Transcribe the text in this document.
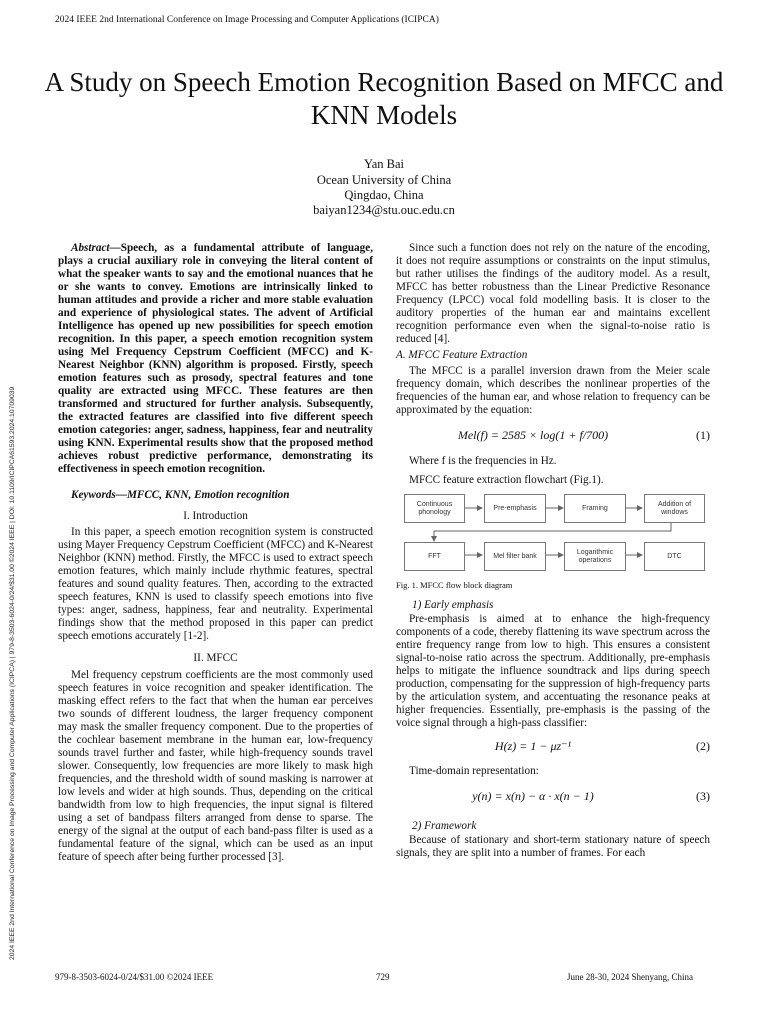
2024 IEEE 2nd International Conference on Image Processing and Computer Applications (ICIPCA)
A Study on Speech Emotion Recognition Based on MFCC and KNN Models
Yan Bai
Ocean University of China
Qingdao, China
baiyan1234@stu.ouc.edu.cn
2024 IEEE 2nd International Conference on Image Processing and Computer Applications (ICIPCA) | 979-8-3503-6024-0/24/$31.00 ©2024 IEEE | DOI: 10.1109/ICIPCA61593.2024.10709039

Abstract—Speech, as a fundamental attribute of language, plays a crucial auxiliary role in conveying the literal content of what the speaker wants to say and the emotional nuances that he or she wants to convey. Emotions are intrinsically linked to human attitudes and provide a richer and more stable evaluation and experience of physiological states. The advent of Artificial Intelligence has opened up new possibilities for speech emotion recognition. In this paper, a speech emotion recognition system using Mel Frequency Cepstrum Coefficient (MFCC) and K-Nearest Neighbor (KNN) algorithm is proposed. Firstly, speech emotion features such as prosody, spectral features and tone quality are extracted using MFCC. These features are then transformed and structured for further analysis. Subsequently, the extracted features are classified into five different speech emotion categories: anger, sadness, happiness, fear and neutrality using KNN. Experimental results show that the proposed method achieves robust predictive performance, demonstrating its effectiveness in speech emotion recognition.

Keywords—MFCC, KNN, Emotion recognition

I. Introduction

In this paper, a speech emotion recognition system is constructed using Mayer Frequency Cepstrum Coefficient (MFCC) and K-Nearest Neighbor (KNN) method. Firstly, the MFCC is used to extract speech emotion features, which mainly include rhythmic features, spectral features and sound quality features. Then, according to the extracted speech features, KNN is used to classify speech emotions into five types: anger, sadness, happiness, fear and neutrality. Experimental findings show that the method proposed in this paper can predict speech emotions accurately [1-2].

II. MFCC

Mel frequency cepstrum coefficients are the most commonly used speech features in voice recognition and speaker identification. The masking effect refers to the fact that when the human ear perceives two sounds of different loudness, the larger frequency component may mask the smaller frequency component. Due to the properties of the cochlear basement membrane in the human ear, low-frequency sounds travel further and faster, while high-frequency sounds travel slower. Consequently, low frequencies are more likely to mask high frequencies, and the threshold width of sound masking is narrower at low levels and wider at high sounds. Thus, depending on the critical bandwidth from low to high frequencies, the input signal is filtered using a set of bandpass filters arranged from dense to sparse. The energy of the signal at the output of each band-pass filter is used as a fundamental feature of the signal, which can be used as an input feature of speech after being further processed [3].

Since such a function does not rely on the nature of the encoding, it does not require assumptions or constraints on the input stimulus, but rather utilises the findings of the auditory model. As a result, MFCC has better robustness than the Linear Predictive Resonance Frequency (LPCC) vocal fold modelling basis. It is closer to the auditory properties of the human ear and maintains excellent recognition performance even when the signal-to-noise ratio is reduced [4].

A. MFCC Feature Extraction

The MFCC is a parallel inversion drawn from the Meier scale frequency domain, which describes the nonlinear properties of the frequencies of the human ear, and whose relation to frequency can be approximated by the equation:

Mel(f) = 2585 × log(1 + f/700)	(1)

Where f is the frequencies in Hz.

MFCC feature extraction flowchart (Fig.1).

Continuous phonology
Pre-emphasis	Framing
Addition of windows
FFT	Mel filter bank
Logarithmic operations
DTC

Fig. 1. MFCC flow block diagram

1) Early emphasis

Pre-emphasis is aimed at to enhance the high-frequency components of a code, thereby flattening its wave spectrum across the entire frequency range from low to high. This ensures a consistent signal-to-noise ratio across the spectrum. Additionally, pre-emphasis helps to mitigate the influence soundtrack and lips during speech production, compensating for the suppression of high-frequency parts by the articulation system, and accentuating the resonance peaks at higher frequencies. Essentially, pre-emphasis is the passing of the voice signal through a high-pass classifier:

H(z) = 1 − μz⁻¹	(2)

Time-domain representation:

y(n) = x(n) − α · x(n − 1)	(3)

2) Framework

Because of stationary and short-term stationary nature of speech signals, they are split into a number of frames. For each

979-8-3503-6024-0/24/$31.00 ©2024 IEEE	729	June 28-30, 2024 Shenyang, China
